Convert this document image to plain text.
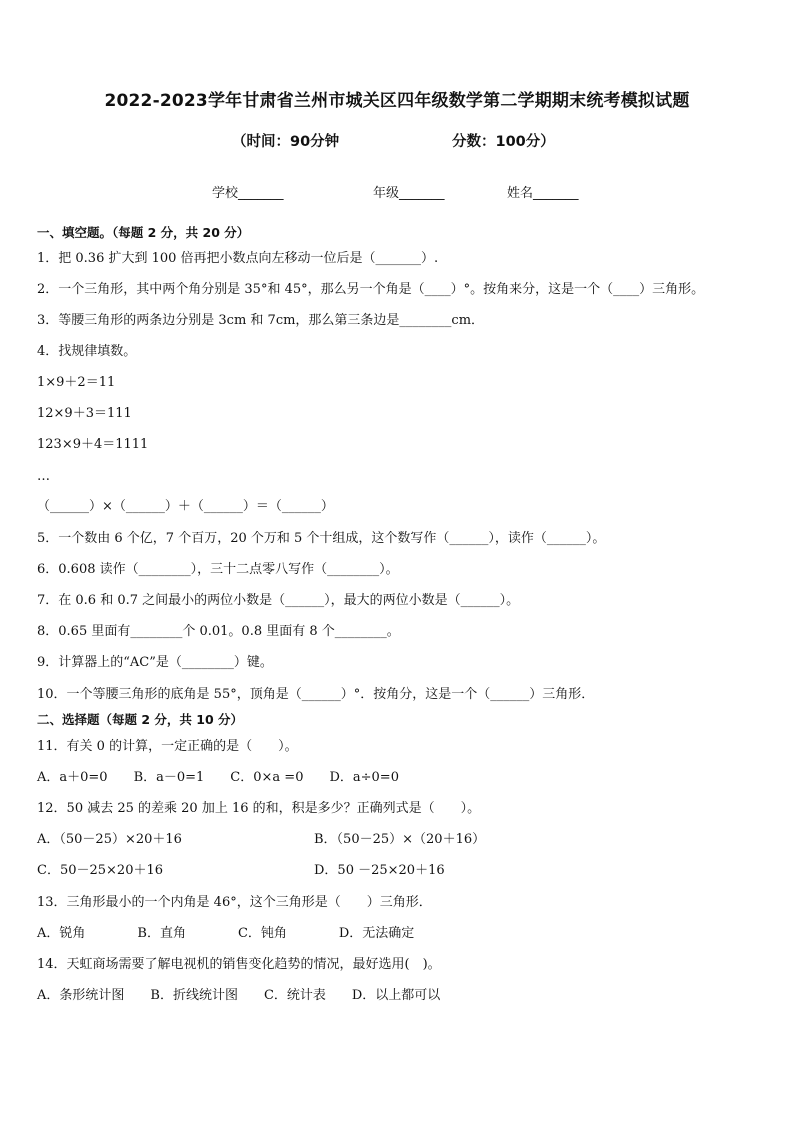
2022-2023学年甘肃省兰州市城关区四年级数学第二学期期末统考模拟试题
（时间：90分钟	分数：100分）
学校_______	年级_______	姓名_______
一、填空题。（每题 2 分，共 20 分）
1．把 0.36 扩大到 100 倍再把小数点向左移动一位后是（_______）.
2．一个三角形，其中两个角分别是 35°和 45°，那么另一个角是（____）°。按角来分，这是一个（____）三角形。
3．等腰三角形的两条边分别是 3cm 和 7cm，那么第三条边是________cm．
4．找规律填数。
1×9＋2＝11
12×9＋3＝111
123×9＋4＝1111
…
（______）×（______）＋（______）＝（______）
5．一个数由 6 个亿，7 个百万，20 个万和 5 个十组成，这个数写作（______），读作（______）。
6．0.608 读作（________），三十二点零八写作（________）。
7．在 0.6 和 0.7 之间最小的两位小数是（______），最大的两位小数是（______）。
8．0.65 里面有________个 0.01。0.8 里面有 8 个________。
9．计算器上的“AC”是（________）键。
10．一个等腰三角形的底角是 55°，顶角是（______）°．按角分，这是一个（______）三角形．
二、选择题（每题 2 分，共 10 分）
11．有关 0 的计算，一定正确的是（　　）。
A．a＋0=0　　B．a－0=1　　C．0×a =0　　D．a÷0=0
12．50 减去 25 的差乘 20 加上 16 的和，积是多少？正确列式是（　　）。
A．（50－25）×20＋16	B．（50－25）×（20＋16）
C．50－25×20＋16	D．50 －25×20＋16
13．三角形最小的一个内角是 46°，这个三角形是（　　）三角形．
A．锐角　　　　B．直角　　　　C．钝角　　　　D．无法确定
14．天虹商场需要了解电视机的销售变化趋势的情况，最好选用(　)。
A．条形统计图　　B．折线统计图　　C．统计表　　D．以上都可以
